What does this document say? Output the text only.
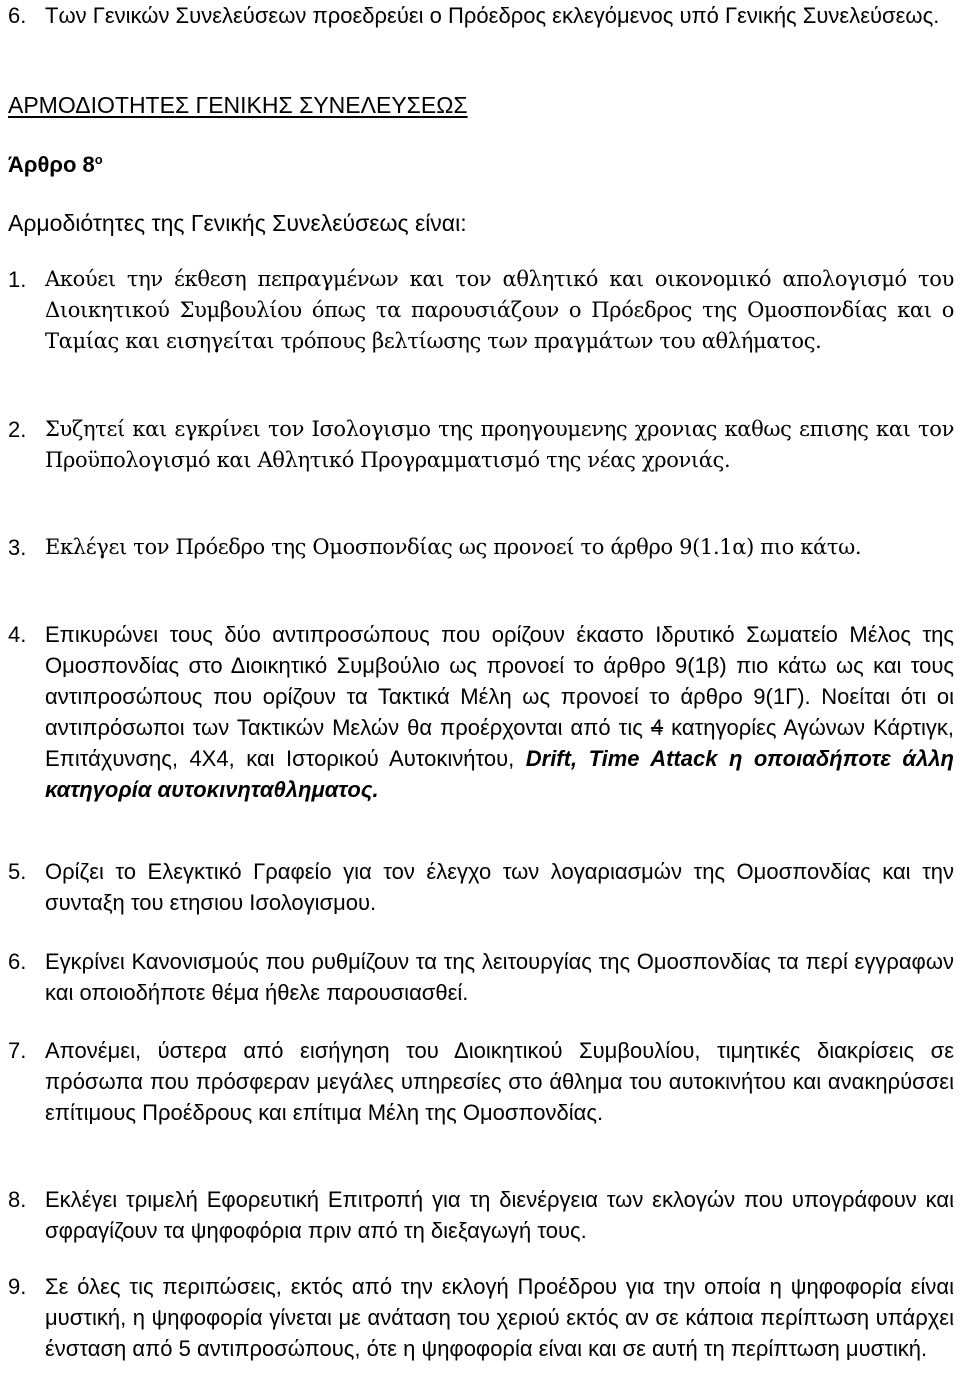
6. Των Γενικών Συνελεύσεων προεδρεύει ο Πρόεδρος εκλεγόμενος υπό Γενικής Συνελεύσεως.
ΑΡΜΟΔΙΟΤΗΤΕΣ ΓΕΝΙΚΗΣ ΣΥΝΕΛΕΥΣΕΩΣ
Άρθρο $8^o$
Αρμοδιότητες της Γενικής Συνελεύσεως είναι:
1. Ακούει την έκθεση πεπραγμένων και τον αθλητικό και οικονομικό απολογισμό του Διοικητικού Συμβουλίου όπως τα παρουσιάζουν ο Πρόεδρος της Ομοσπονδίας και ο Ταμίας και εισηγείται τρόπους βελτίωσης των πραγμάτων του αθλήματος.
2. Συζητεί και εγκρίνει τον Ισολογισμο της προηγουμενης χρονιας καθως επισης και τον Προϋπολογισμό και Αθλητικό Προγραμματισμό της νέας χρονιάς.
3. Εκλέγει τον Πρόεδρο της Ομοσπονδίας ως προνοεί το άρθρο 9(1.1α) πιο κάτω.
4. Επικυρώνει τους δύο αντιπροσώπους που ορίζουν έκαστο Ιδρυτικό Σωματείο Μέλος της Ομοσπονδίας στο Διοικητικό Συμβούλιο ως προνοεί το άρθρο 9(1β) πιο κάτω ως και τους αντιπροσώπους που ορίζουν τα Τακτικά Μέλη ως προνοεί το άρθρο 9(1Γ). Νοείται ότι οι αντιπρόσωποι των Τακτικών Μελών θα προέρχονται από τις 4 κατηγορίες Αγώνων Κάρτιγκ, Επιτάχυνσης, 4Χ4, και Ιστορικού Αυτοκινήτου, Drift, Time Attack η οποιαδήποτε άλλη κατηγορία αυτοκινηταθληματος.
5. Ορίζει το Ελεγκτικό Γραφείο για τον έλεγχο των λογαριασμών της Ομοσπονδίας και την συνταξη του ετησιου Ισολογισμου.
6. Εγκρίνει Κανονισμούς που ρυθμίζουν τα της λειτουργίας της Ομοσπονδίας τα περί εγγραφων και οποιοδήποτε θέμα ήθελε παρουσιασθεί.
7. Απονέμει, ύστερα από εισήγηση του Διοικητικού Συμβουλίου, τιμητικές διακρίσεις σε πρόσωπα που πρόσφεραν μεγάλες υπηρεσίες στο άθλημα του αυτοκινήτου και ανακηρύσσει επίτιμους Προέδρους και επίτιμα Μέλη της Ομοσπονδίας.
8. Εκλέγει τριμελή Εφορευτική Επιτροπή για τη διενέργεια των εκλογών που υπογράφουν και σφραγίζουν τα ψηφοφόρια πριν από τη διεξαγωγή τους.
9. Σε όλες τις περιπώσεις, εκτός από την εκλογή Προέδρου για την οποία η ψηφοφορία είναι μυστική, η ψηφοφορία γίνεται με ανάταση του χεριού εκτός αν σε κάποια περίπτωση υπάρχει ένσταση από 5 αντιπροσώπους, ότε η ψηφοφορία είναι και σε αυτή τη περίπτωση μυστική.
